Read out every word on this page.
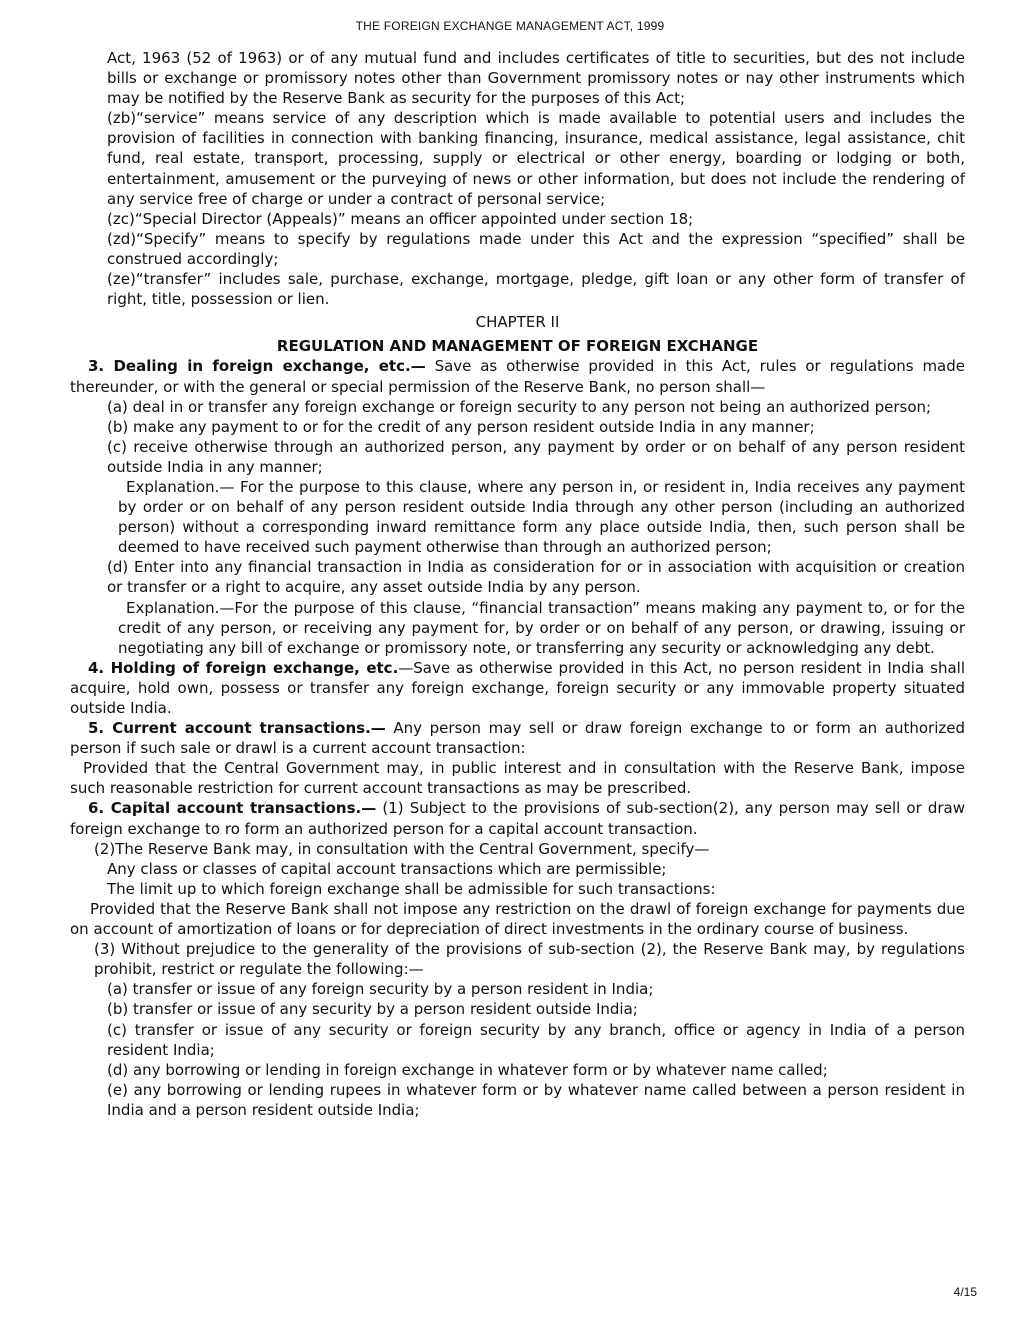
THE FOREIGN EXCHANGE MANAGEMENT ACT, 1999

Act, 1963 (52 of 1963) or of any mutual fund and includes certificates of title to securities, but des not include bills or exchange or promissory notes other than Government promissory notes or nay other instruments which may be notified by the Reserve Bank as security for the purposes of this Act;

(zb)“service” means service of any description which is made available to potential users and includes the provision of facilities in connection with banking financing, insurance, medical assistance, legal assistance, chit fund, real estate, transport, processing, supply or electrical or other energy, boarding or lodging or both, entertainment, amusement or the purveying of news or other information, but does not include the rendering of any service free of charge or under a contract of personal service;

(zc)“Special Director (Appeals)” means an officer appointed under section 18;

(zd)“Specify” means to specify by regulations made under this Act and the expression “specified” shall be construed accordingly;

(ze)“transfer” includes sale, purchase, exchange, mortgage, pledge, gift loan or any other form of transfer of right, title, possession or lien.

CHAPTER II

REGULATION AND MANAGEMENT OF FOREIGN EXCHANGE

3. Dealing in foreign exchange, etc.— Save as otherwise provided in this Act, rules or regulations made thereunder, or with the general or special permission of the Reserve Bank, no person shall—

(a) deal in or transfer any foreign exchange or foreign security to any person not being an authorized person;

(b) make any payment to or for the credit of any person resident outside India in any manner;

(c) receive otherwise through an authorized person, any payment by order or on behalf of any person resident outside India in any manner;

Explanation.— For the purpose to this clause, where any person in, or resident in, India receives any payment by order or on behalf of any person resident outside India through any other person (including an authorized person) without a corresponding inward remittance form any place outside India, then, such person shall be deemed to have received such payment otherwise than through an authorized person;

(d) Enter into any financial transaction in India as consideration for or in association with acquisition or creation or transfer or a right to acquire, any asset outside India by any person.

Explanation.—For the purpose of this clause, “financial transaction” means making any payment to, or for the credit of any person, or receiving any payment for, by order or on behalf of any person, or drawing, issuing or negotiating any bill of exchange or promissory note, or transferring any security or acknowledging any debt.

4. Holding of foreign exchange, etc.—Save as otherwise provided in this Act, no person resident in India shall acquire, hold own, possess or transfer any foreign exchange, foreign security or any immovable property situated outside India.

5. Current account transactions.— Any person may sell or draw foreign exchange to or form an authorized person if such sale or drawl is a current account transaction:

Provided that the Central Government may, in public interest and in consultation with the Reserve Bank, impose such reasonable restriction for current account transactions as may be prescribed.

6. Capital account transactions.— (1) Subject to the provisions of sub-section(2), any person may sell or draw foreign exchange to ro form an authorized person for a capital account transaction.

(2)The Reserve Bank may, in consultation with the Central Government, specify—

Any class or classes of capital account transactions which are permissible;

The limit up to which foreign exchange shall be admissible for such transactions:

Provided that the Reserve Bank shall not impose any restriction on the drawl of foreign exchange for payments due on account of amortization of loans or for depreciation of direct investments in the ordinary course of business.

(3) Without prejudice to the generality of the provisions of sub-section (2), the Reserve Bank may, by regulations prohibit, restrict or regulate the following:—

(a) transfer or issue of any foreign security by a person resident in India;

(b) transfer or issue of any security by a person resident outside India;

(c) transfer or issue of any security or foreign security by any branch, office or agency in India of a person resident India;

(d) any borrowing or lending in foreign exchange in whatever form or by whatever name called;

(e) any borrowing or lending rupees in whatever form or by whatever name called between a person resident in India and a person resident outside India;

4/15
